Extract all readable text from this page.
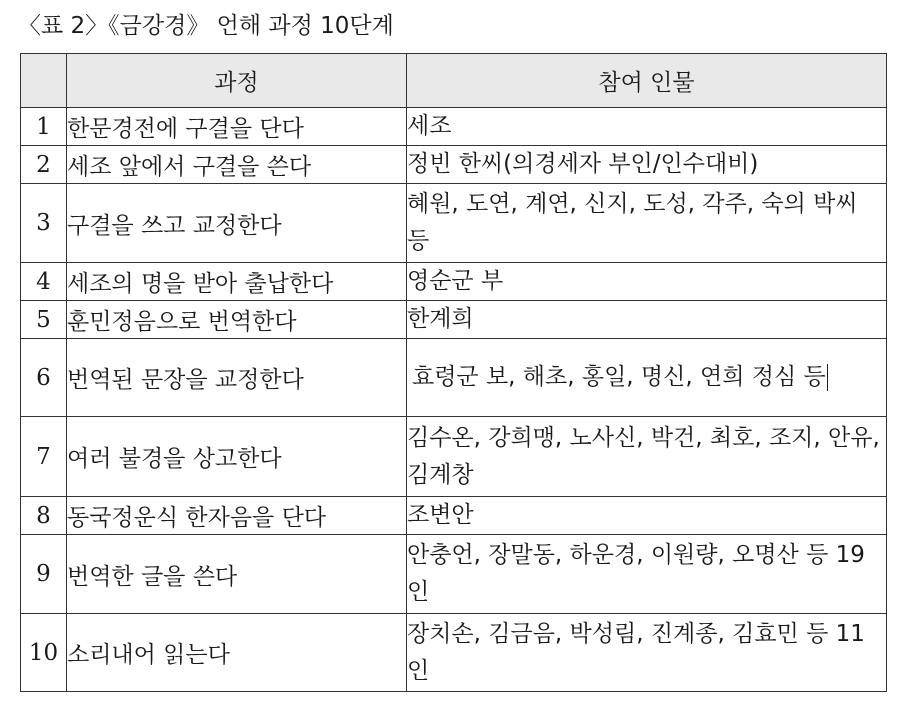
〈표 2〉《금강경》 언해 과정 10단계
	과정	참여 인물
1	한문경전에 구결을 단다	세조
2	세조 앞에서 구결을 쓴다	정빈 한씨(의경세자 부인/인수대비)
3	구결을 쓰고 교정한다	혜원, 도연, 계연, 신지, 도성, 각주, 숙의 박씨 등
4	세조의 명을 받아 출납한다	영순군 부
5	훈민정음으로 번역한다	한계희
6	번역된 문장을 교정한다	효령군 보, 해초, 홍일, 명신, 연희 정심 등
7	여러 불경을 상고한다	김수온, 강희맹, 노사신, 박건, 최호, 조지, 안유, 김계창
8	동국정운식 한자음을 단다	조변안
9	번역한 글을 쓴다	안충언, 장말동, 하운경, 이원량, 오명산 등 19인
10	소리내어 읽는다	장치손, 김금음, 박성림, 진계종, 김효민 등 11인
